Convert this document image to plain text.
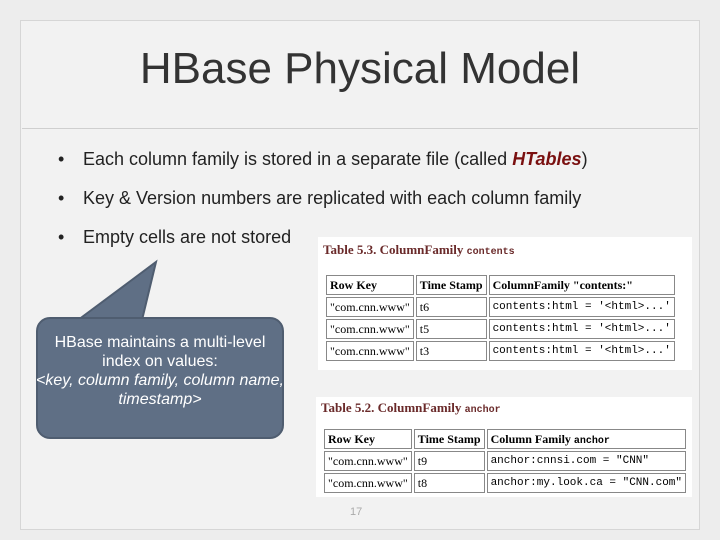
HBase Physical Model
• Each column family is stored in a separate file (called HTables)
• Key & Version numbers are replicated with each column family
• Empty cells are not stored
HBase maintains a multi-level index on values:
<key, column family, column name, timestamp>
Table 5.3. ColumnFamily contents
Row Key	Time Stamp	ColumnFamily "contents:"
"com.cnn.www"	t6	contents:html = '<html>...'
"com.cnn.www"	t5	contents:html = '<html>...'
"com.cnn.www"	t3	contents:html = '<html>...'
Table 5.2. ColumnFamily anchor
Row Key	Time Stamp	Column Family anchor
"com.cnn.www"	t9	anchor:cnnsi.com = "CNN"
"com.cnn.www"	t8	anchor:my.look.ca = "CNN.com"
17
